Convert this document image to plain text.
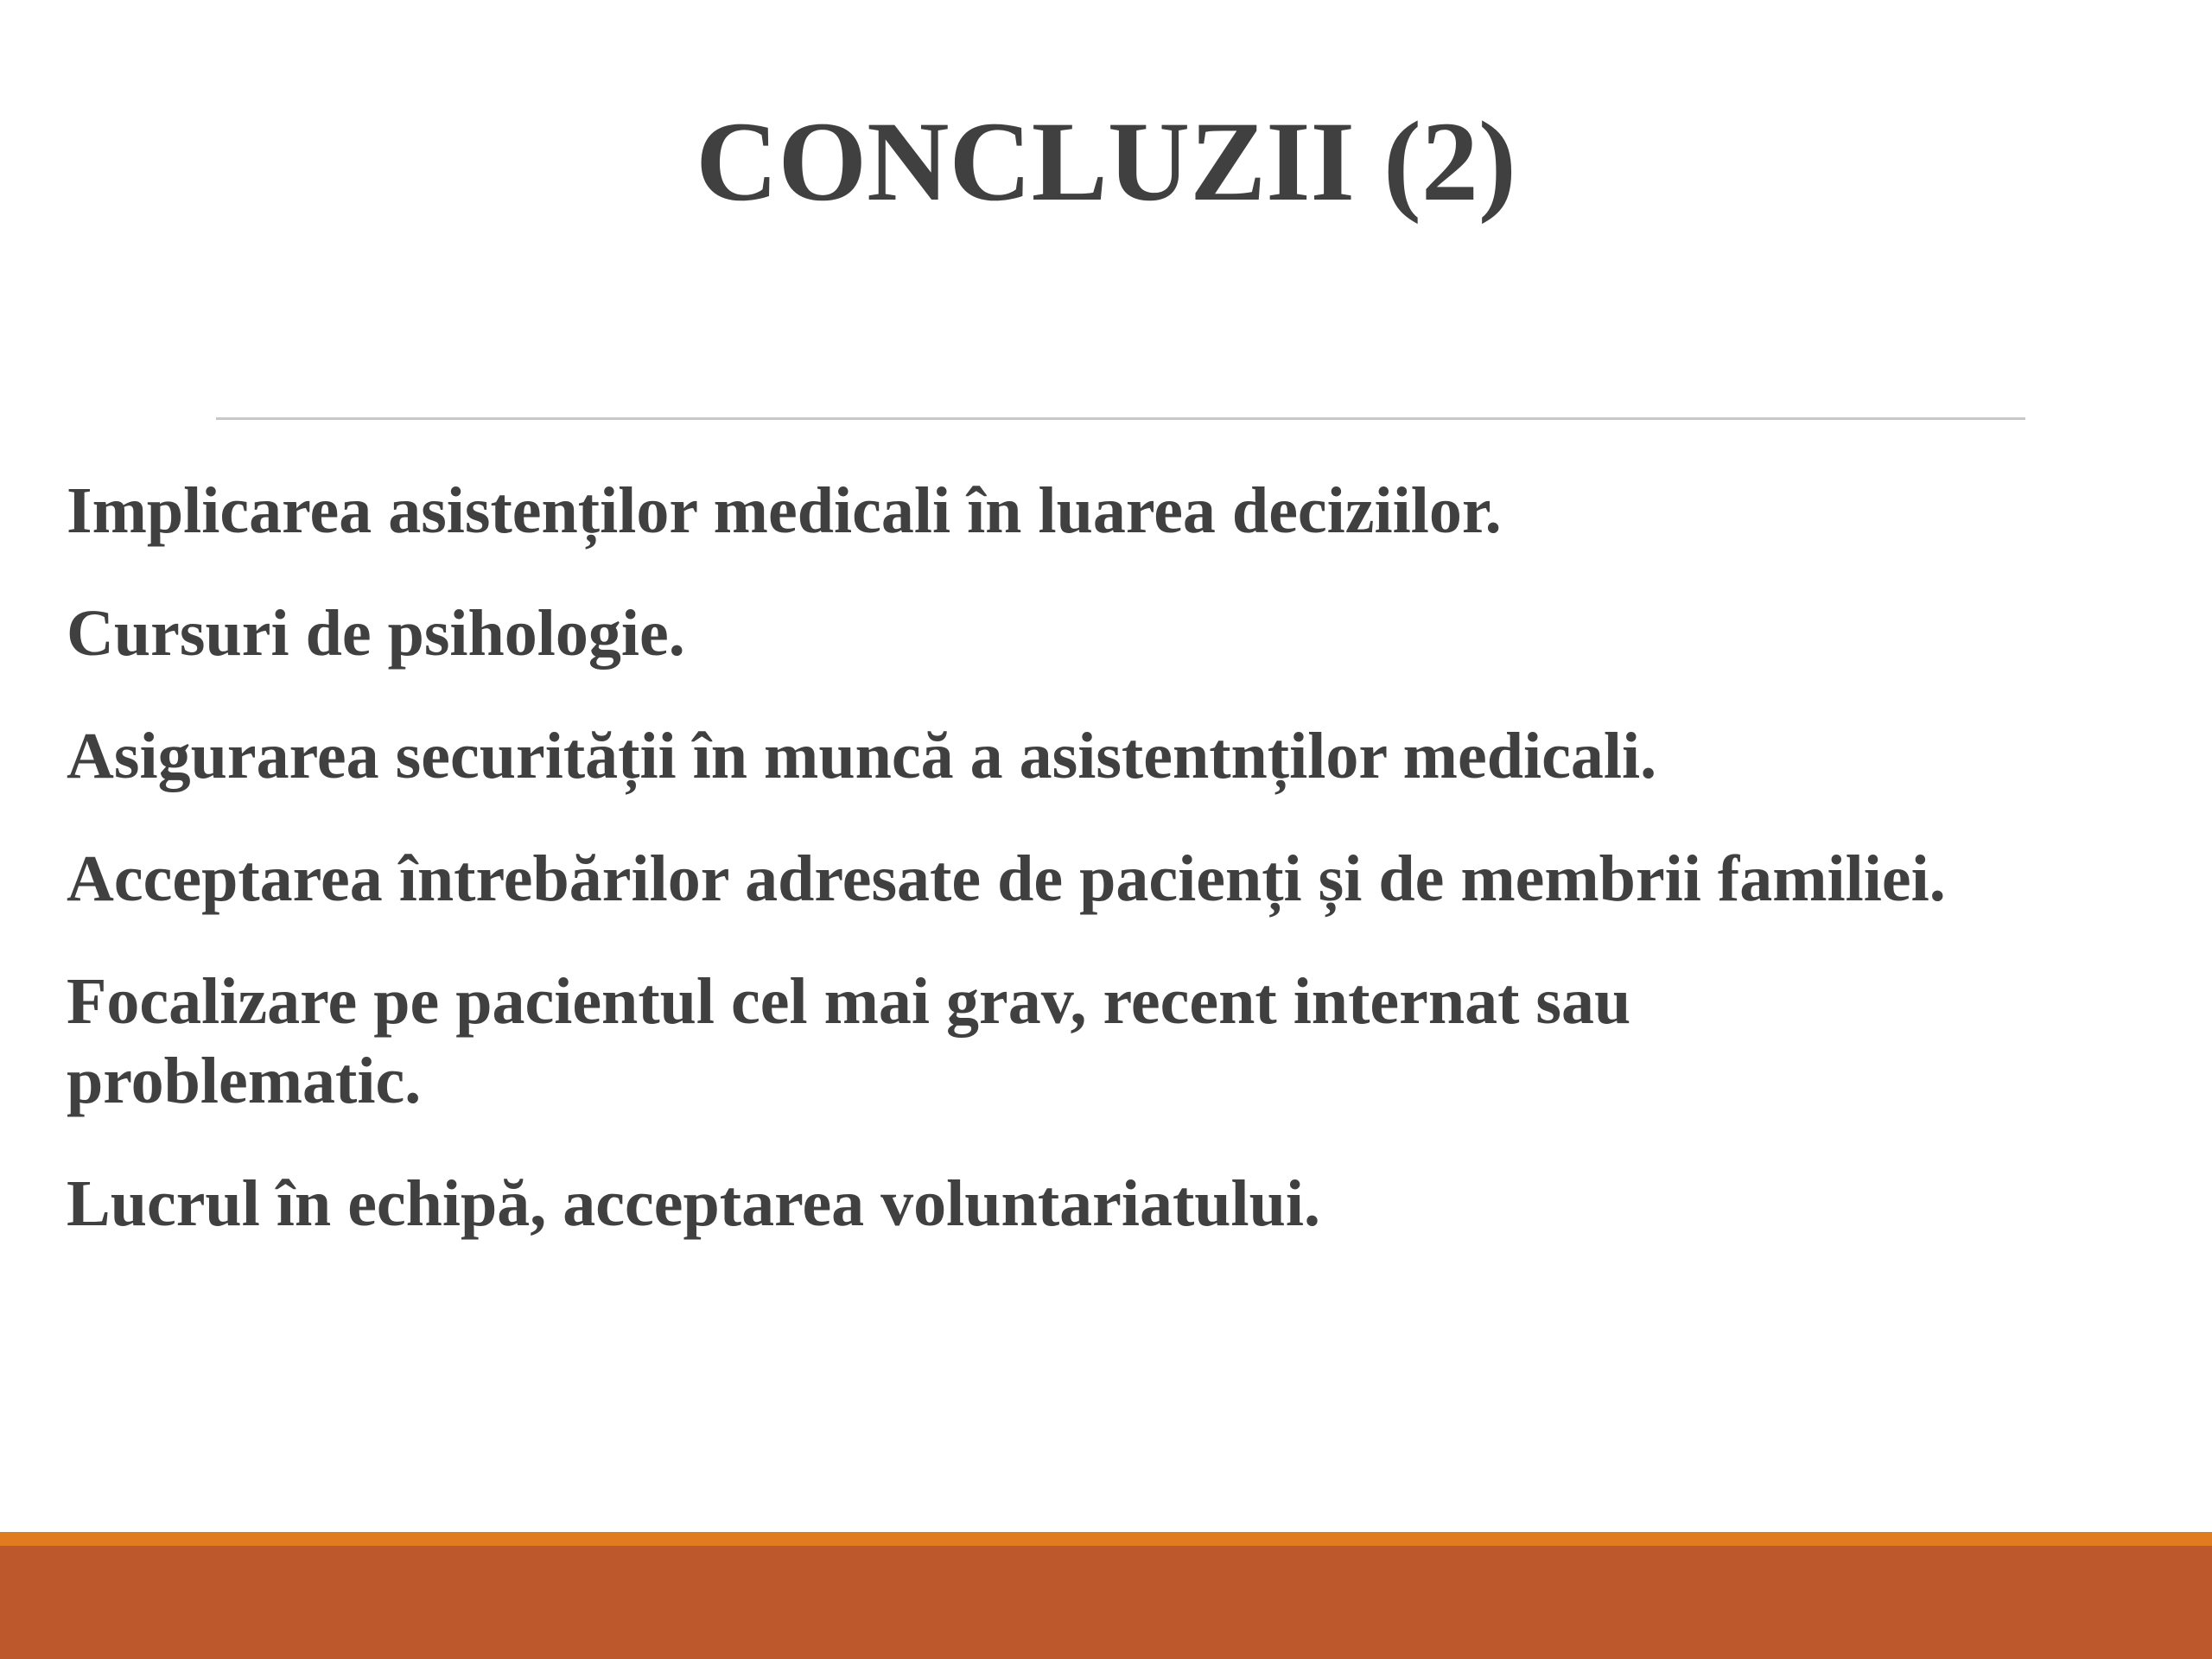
CONCLUZII (2)
Implicarea asistenților medicali în luarea deciziilor.
Cursuri de psihologie.
Asigurarea securității în muncă a asistentnților medicali.
Acceptarea întrebărilor adresate de pacienți și de membrii familiei.
Focalizare pe pacientul cel mai grav, recent internat sau problematic.
Lucrul în echipă, acceptarea voluntariatului.
